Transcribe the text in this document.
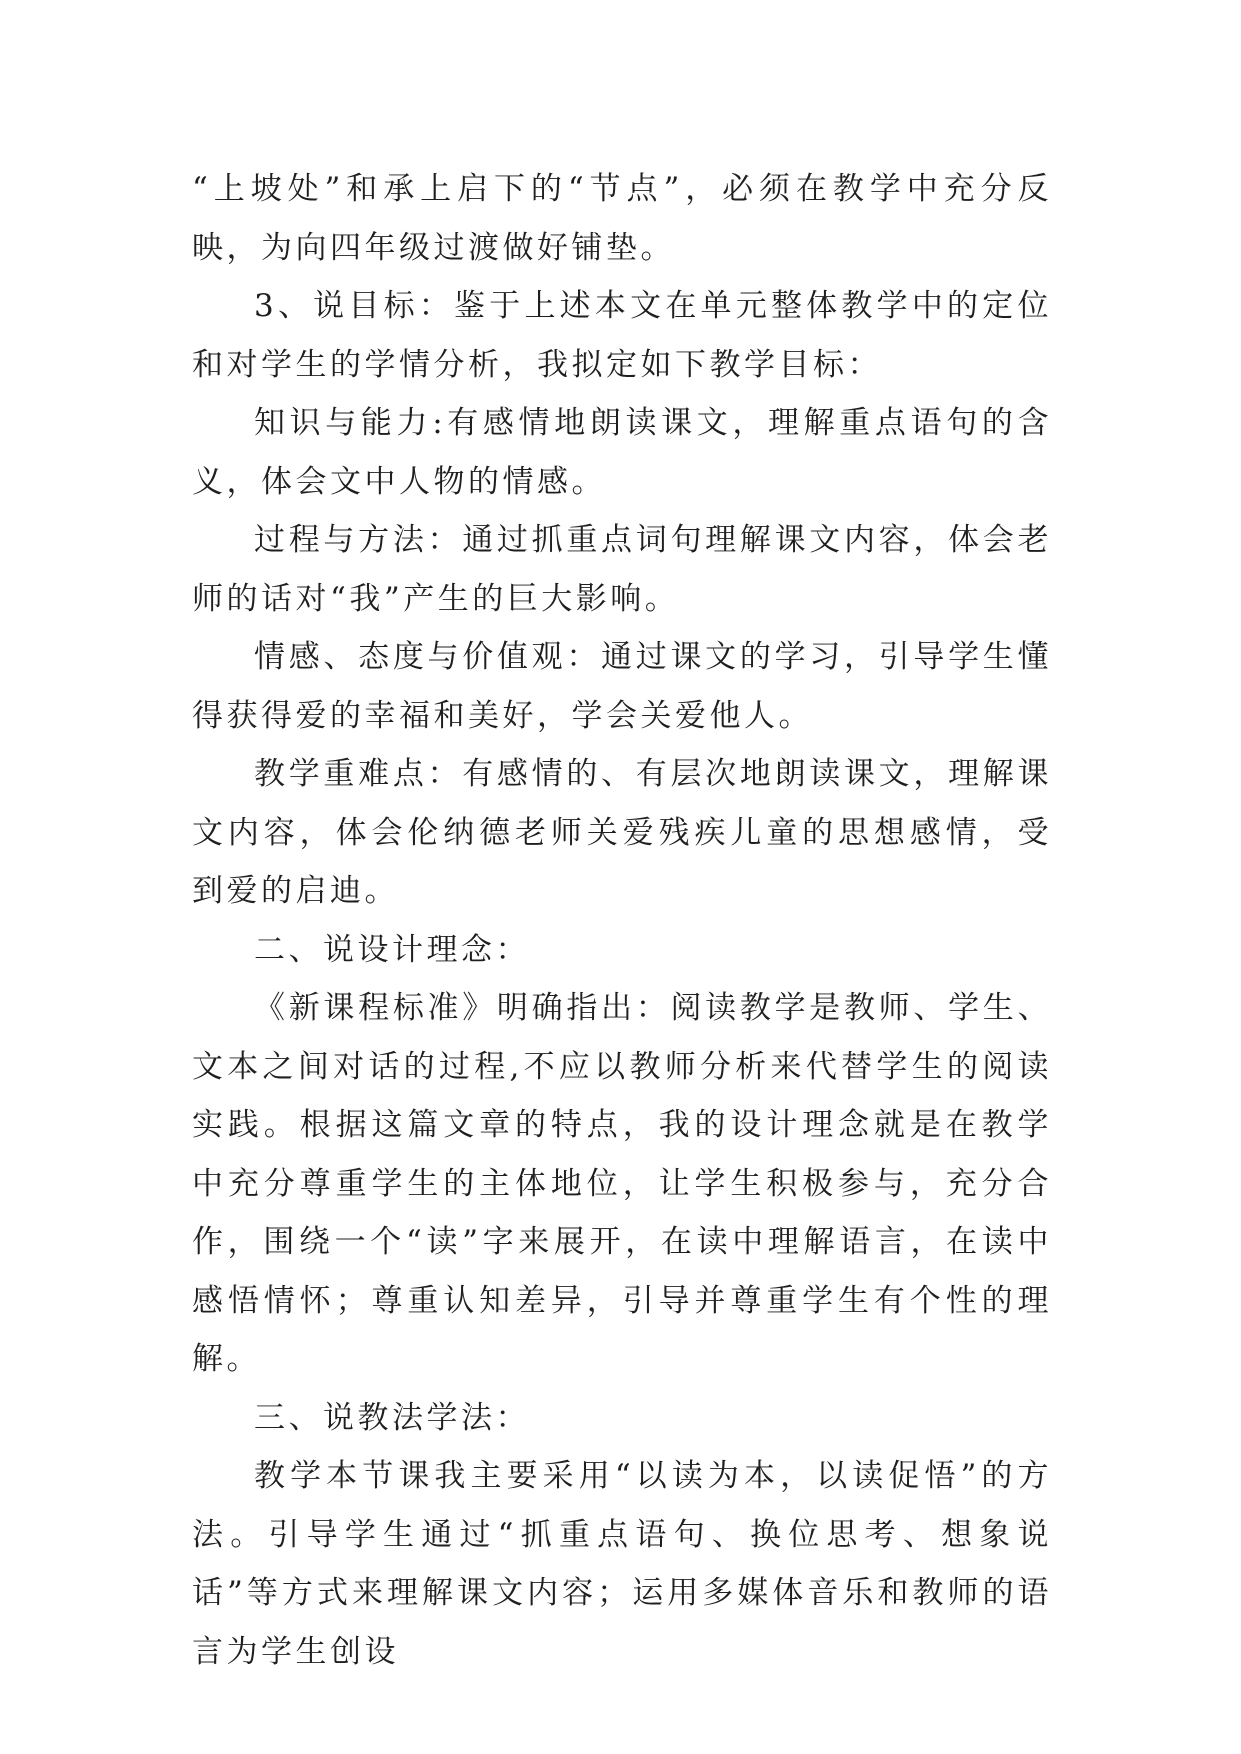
“上坡处”和承上启下的“节点”，必须在教学中充分反映，为向四年级过渡做好铺垫。

3、说目标：鉴于上述本文在单元整体教学中的定位和对学生的学情分析，我拟定如下教学目标：

知识与能力:有感情地朗读课文，理解重点语句的含义，体会文中人物的情感。

过程与方法：通过抓重点词句理解课文内容，体会老师的话对“我”产生的巨大影响。

情感、态度与价值观：通过课文的学习，引导学生懂得获得爱的幸福和美好，学会关爱他人。

教学重难点：有感情的、有层次地朗读课文，理解课文内容，体会伦纳德老师关爱残疾儿童的思想感情，受到爱的启迪。

二、说设计理念：

《新课程标准》明确指出：阅读教学是教师、学生、文本之间对话的过程,不应以教师分析来代替学生的阅读实践。根据这篇文章的特点，我的设计理念就是在教学中充分尊重学生的主体地位，让学生积极参与，充分合作，围绕一个“读”字来展开，在读中理解语言，在读中感悟情怀；尊重认知差异，引导并尊重学生有个性的理解。

三、说教法学法：

教学本节课我主要采用“以读为本，以读促悟”的方法。引导学生通过“抓重点语句、换位思考、想象说话”等方式来理解课文内容；运用多媒体音乐和教师的语言为学生创设
